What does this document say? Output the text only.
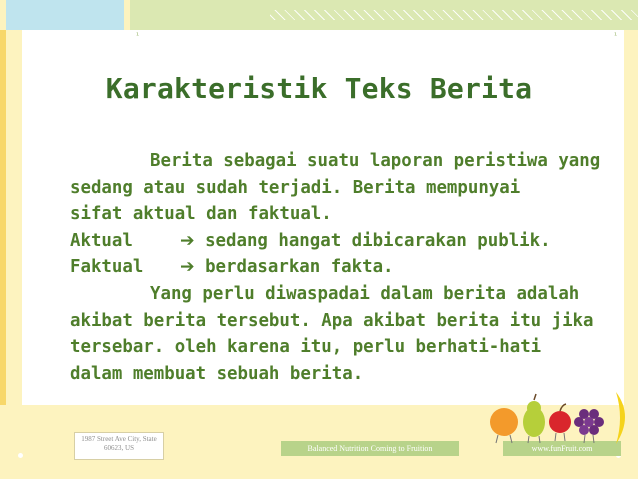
¹	¹
Karakteristik Teks Berita
Berita sebagai suatu laporan peristiwa yang
sedang atau sudah terjadi. Berita mempunyai
sifat aktual dan faktual.
Aktual	➔ sedang hangat dibicarakan publik.
Faktual ➔ berdasarkan fakta.
Yang perlu diwaspadai dalam berita adalah
akibat berita tersebut. Apa akibat berita itu jika
tersebar. oleh karena itu, perlu berhati-hati
dalam membuat sebuah berita.
1987 Street Ave City, State 60623, US	Balanced Nutrition Coming to Fruition	www.funFruit.com
